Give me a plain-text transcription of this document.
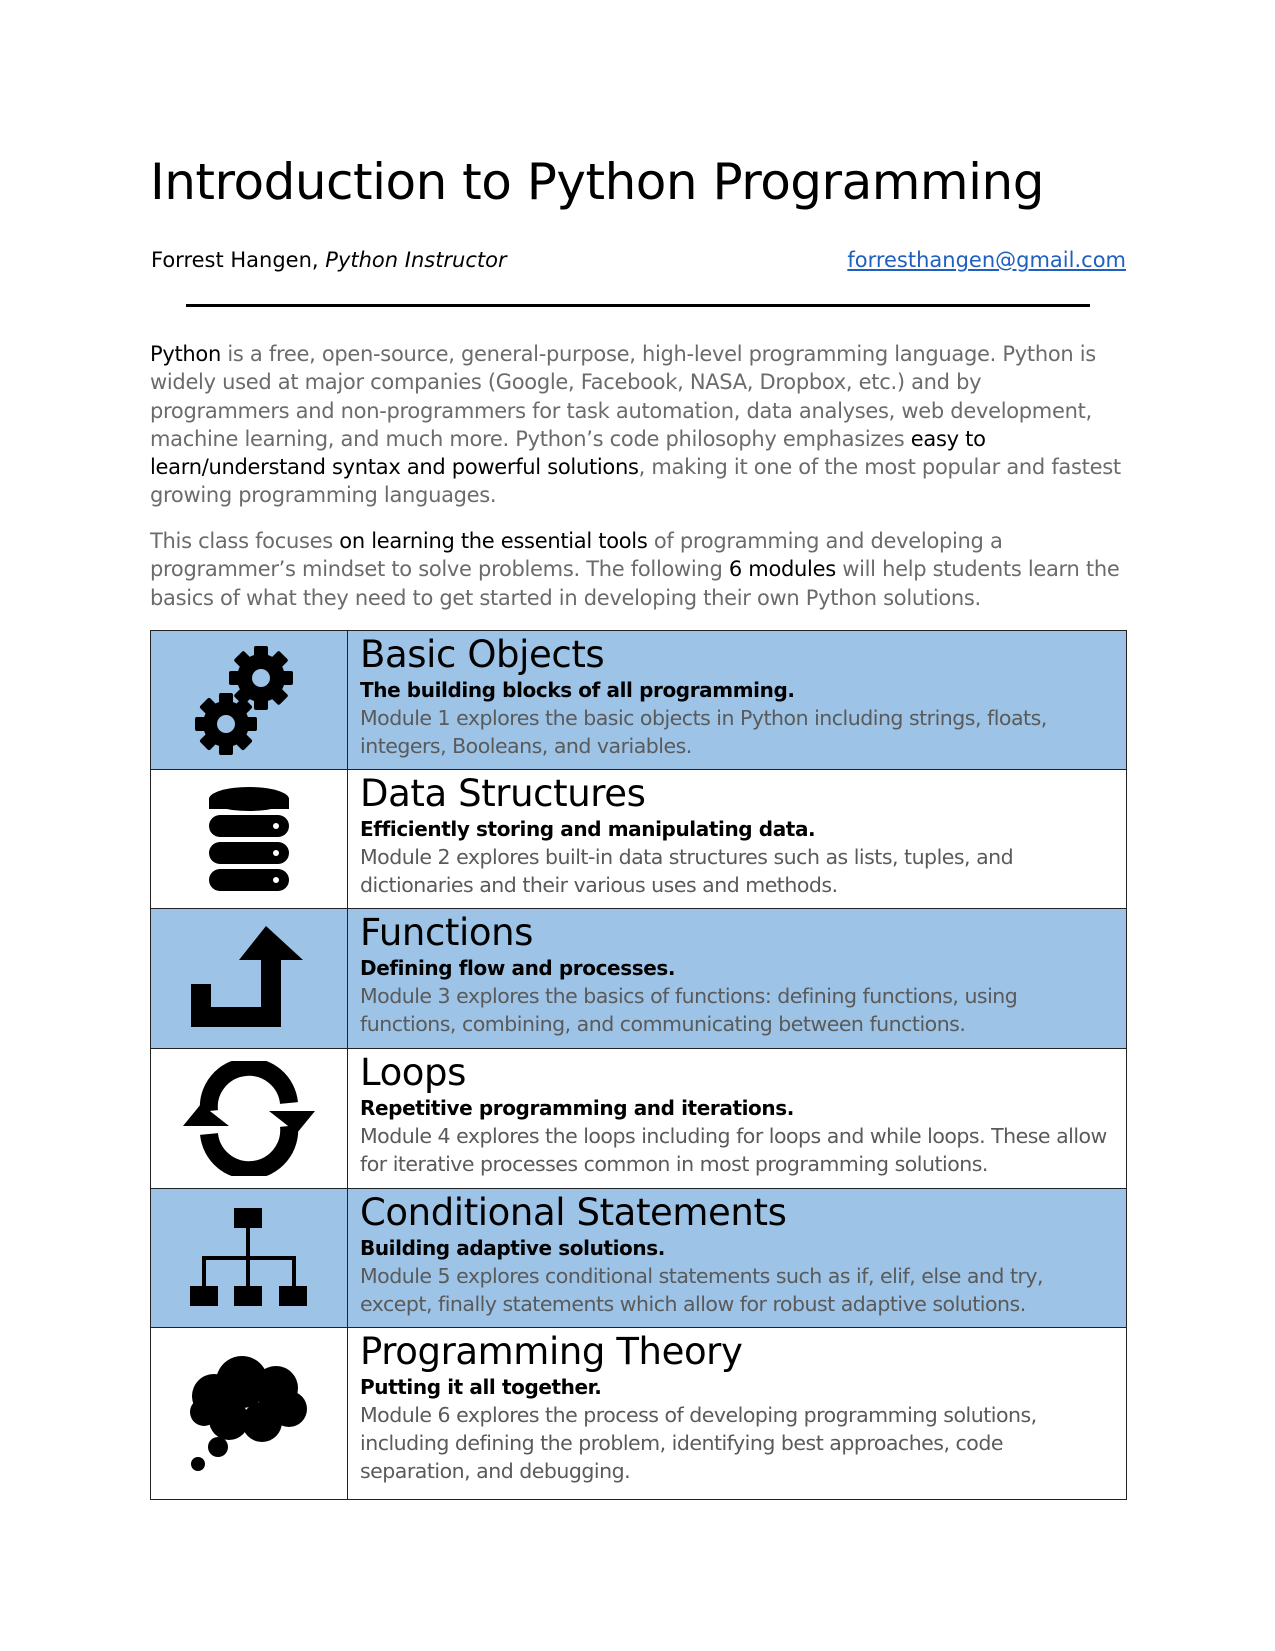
Introduction to Python Programming
Forrest Hangen, Python Instructor	forresthangen@gmail.com

Python is a free, open-source, general-purpose, high-level programming language. Python is widely used at major companies (Google, Facebook, NASA, Dropbox, etc.) and by programmers and non-programmers for task automation, data analyses, web development, machine learning, and much more. Python’s code philosophy emphasizes easy to learn/understand syntax and powerful solutions, making it one of the most popular and fastest growing programming languages.

This class focuses on learning the essential tools of programming and developing a programmer’s mindset to solve problems. The following 6 modules will help students learn the basics of what they need to get started in developing their own Python solutions.

Basic Objects

The building blocks of all programming.

Module 1 explores the basic objects in Python including strings, floats, integers, Booleans, and variables.

Data Structures

Efficiently storing and manipulating data.

Module 2 explores built-in data structures such as lists, tuples, and dictionaries and their various uses and methods.

Functions

Defining flow and processes.

Module 3 explores the basics of functions: defining functions, using functions, combining, and communicating between functions.

Loops

Repetitive programming and iterations.

Module 4 explores the loops including for loops and while loops. These allow for iterative processes common in most programming solutions.

Conditional Statements

Building adaptive solutions.

Module 5 explores conditional statements such as if, elif, else and try, except, finally statements which allow for robust adaptive solutions.

Programming Theory

Putting it all together.

Module 6 explores the process of developing programming solutions, including defining the problem, identifying best approaches, code separation, and debugging.
